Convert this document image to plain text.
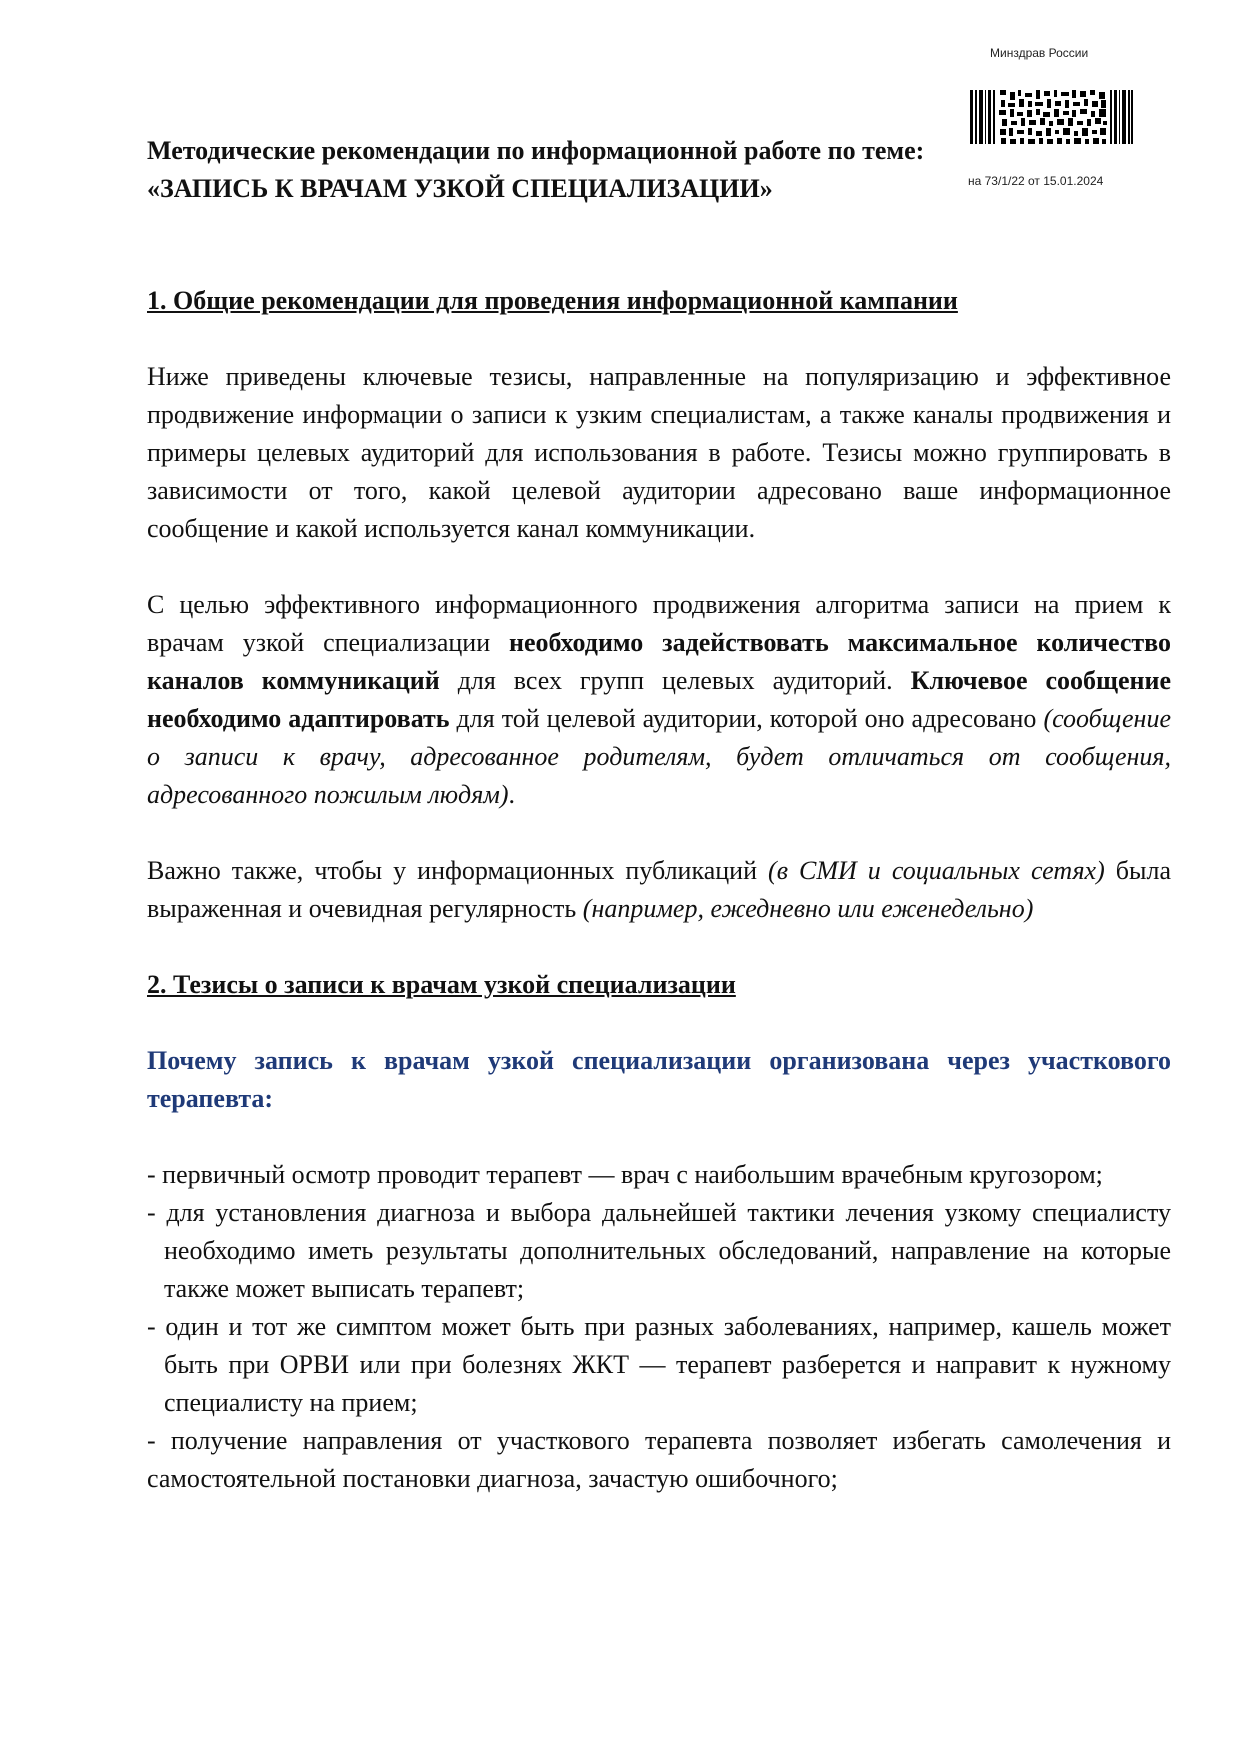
Минздрав России
на 73/1/22 от 15.01.2024
Методические рекомендации по информационной работе по теме:
«ЗАПИСЬ К ВРАЧАМ УЗКОЙ СПЕЦИАЛИЗАЦИИ»

1. Общие рекомендации для проведения информационной кампании

Ниже приведены ключевые тезисы, направленные на популяризацию и эффективное продвижение информации о записи к узким специалистам, а также каналы продвижения и примеры целевых аудиторий для использования в работе. Тезисы можно группировать в зависимости от того, какой целевой аудитории адресовано ваше информационное сообщение и какой используется канал коммуникации.

С целью эффективного информационного продвижения алгоритма записи на прием к врачам узкой специализации необходимо задействовать максимальное количество каналов коммуникаций для всех групп целевых аудиторий. Ключевое сообщение необходимо адаптировать для той целевой аудитории, которой оно адресовано (сообщение о записи к врачу, адресованное родителям, будет отличаться от сообщения, адресованного пожилым людям).

Важно также, чтобы у информационных публикаций (в СМИ и социальных сетях) была выраженная и очевидная регулярность (например, ежедневно или еженедельно)

2. Тезисы о записи к врачам узкой специализации

Почему запись к врачам узкой специализации организована через участкового терапевта:

- первичный осмотр проводит терапевт — врач с наибольшим врачебным кругозором;

- для установления диагноза и выбора дальнейшей тактики лечения узкому специалисту необходимо иметь результаты дополнительных обследований, направление на которые также может выписать терапевт;

- один и тот же симптом может быть при разных заболеваниях, например, кашель может быть при ОРВИ или при болезнях ЖКТ — терапевт разберется и направит к нужному специалисту на прием;

- получение направления от участкового терапевта позволяет избегать самолечения и самостоятельной постановки диагноза, зачастую ошибочного;
